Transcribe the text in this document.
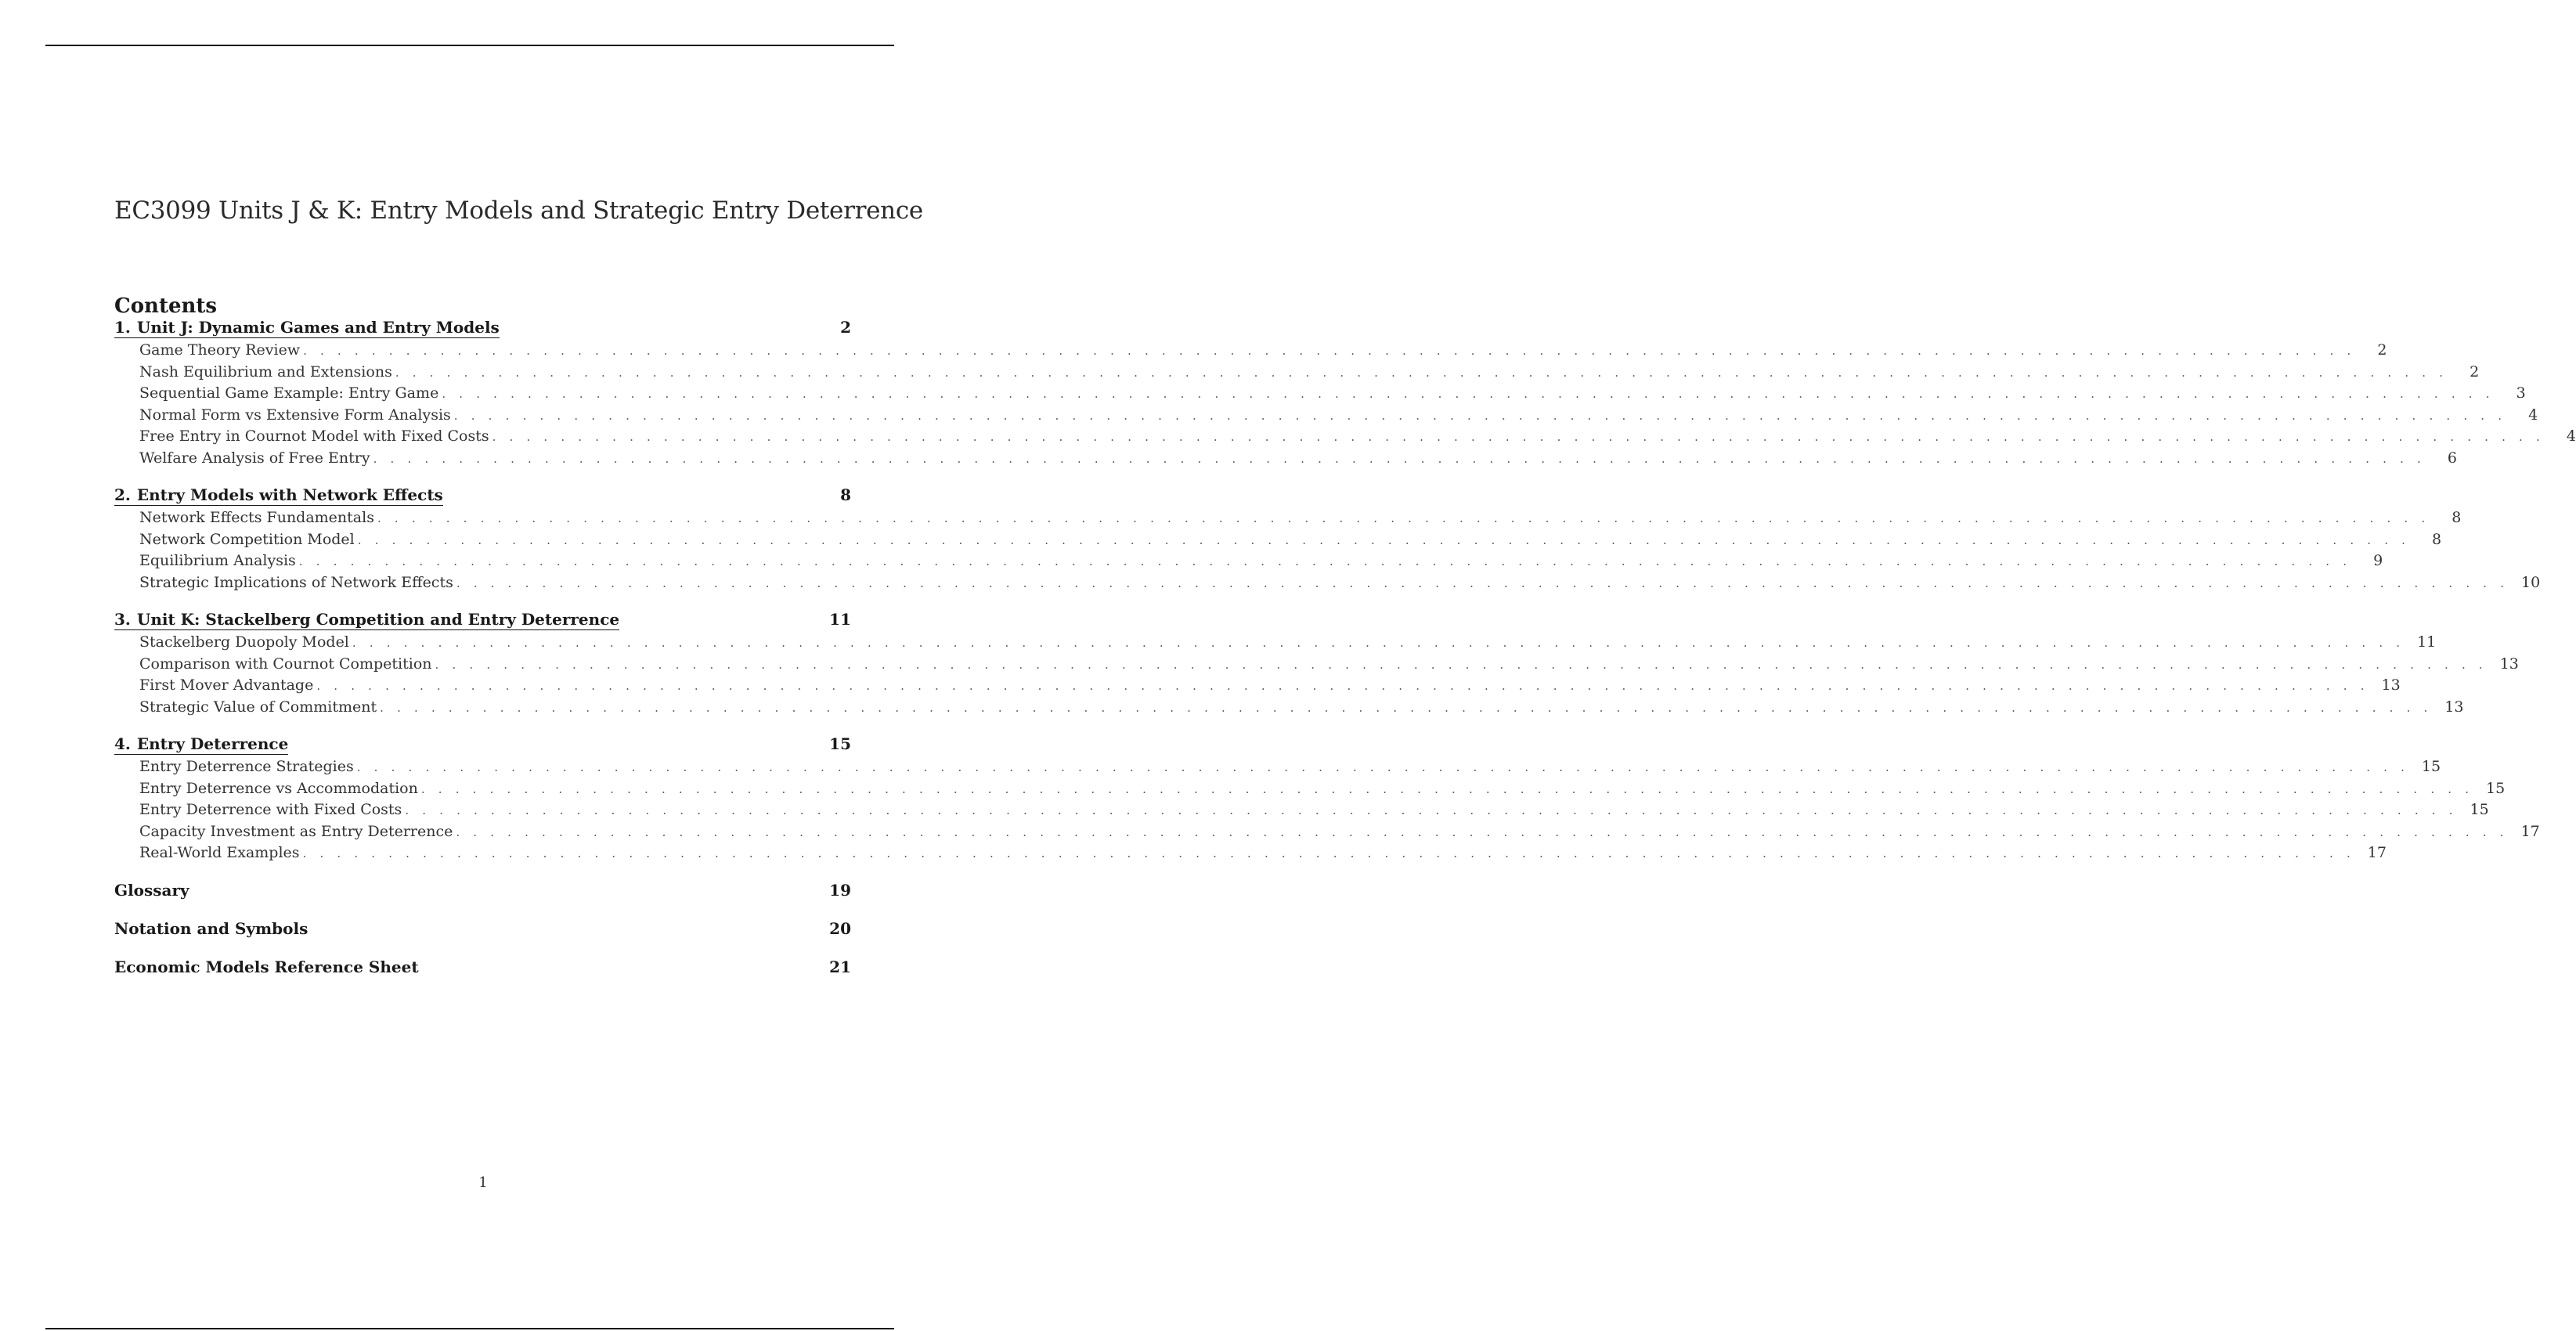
EC3099 Units J & K: Entry Models and Strategic Entry Deterrence
Contents
1. Unit J: Dynamic Games and Entry Models	2
Game Theory Review . . . . . . . . . . . . . . . . . . . . . . . . . . . . . . . . . . . . . . . . . . . . . . . . . . . . . . . . . . . . . . . . . . . . . . . . . . . . . . . . . . . . . . . . . . . . . . . . . . . . . . . . . . . . . . . . . . . . . . . .	2
Nash Equilibrium and Extensions . . . . . . . . . . . . . . . . . . . . . . . . . . . . . . . . . . . . . . . . . . . . . . . . . . . . . . . . . . . . . . . . . . . . . . . . . . . . . . . . . . . . . . . . . . . . . . . . . . . . . . . . . . . . . . . . . . . . . . . .	2
Sequential Game Example: Entry Game . . . . . . . . . . . . . . . . . . . . . . . . . . . . . . . . . . . . . . . . . . . . . . . . . . . . . . . . . . . . . . . . . . . . . . . . . . . . . . . . . . . . . . . . . . . . . . . . . . . . . . . . . . . . . . . . . . . . . . . .	3
Normal Form vs Extensive Form Analysis . . . . . . . . . . . . . . . . . . . . . . . . . . . . . . . . . . . . . . . . . . . . . . . . . . . . . . . . . . . . . . . . . . . . . . . . . . . . . . . . . . . . . . . . . . . . . . . . . . . . . . . . . . . . . . . . . . . . . . . .	4
Free Entry in Cournot Model with Fixed Costs . . . . . . . . . . . . . . . . . . . . . . . . . . . . . . . . . . . . . . . . . . . . . . . . . . . . . . . . . . . . . . . . . . . . . . . . . . . . . . . . . . . . . . . . . . . . . . . . . . . . . . . . . . . . . . . . . . . . . . . .	4
Welfare Analysis of Free Entry . . . . . . . . . . . . . . . . . . . . . . . . . . . . . . . . . . . . . . . . . . . . . . . . . . . . . . . . . . . . . . . . . . . . . . . . . . . . . . . . . . . . . . . . . . . . . . . . . . . . . . . . . . . . . . . . . . . . . . . .	6
2. Entry Models with Network Effects	8
Network Effects Fundamentals . . . . . . . . . . . . . . . . . . . . . . . . . . . . . . . . . . . . . . . . . . . . . . . . . . . . . . . . . . . . . . . . . . . . . . . . . . . . . . . . . . . . . . . . . . . . . . . . . . . . . . . . . . . . . . . . . . . . . . . .	8
Network Competition Model . . . . . . . . . . . . . . . . . . . . . . . . . . . . . . . . . . . . . . . . . . . . . . . . . . . . . . . . . . . . . . . . . . . . . . . . . . . . . . . . . . . . . . . . . . . . . . . . . . . . . . . . . . . . . . . . . . . . . . . .	8
Equilibrium Analysis . . . . . . . . . . . . . . . . . . . . . . . . . . . . . . . . . . . . . . . . . . . . . . . . . . . . . . . . . . . . . . . . . . . . . . . . . . . . . . . . . . . . . . . . . . . . . . . . . . . . . . . . . . . . . . . . . . . . . . . .	9
Strategic Implications of Network Effects . . . . . . . . . . . . . . . . . . . . . . . . . . . . . . . . . . . . . . . . . . . . . . . . . . . . . . . . . . . . . . . . . . . . . . . . . . . . . . . . . . . . . . . . . . . . . . . . . . . . . . . . . . . . . . . . . . . . . . . . 10
3. Unit K: Stackelberg Competition and Entry Deterrence	11
Stackelberg Duopoly Model . . . . . . . . . . . . . . . . . . . . . . . . . . . . . . . . . . . . . . . . . . . . . . . . . . . . . . . . . . . . . . . . . . . . . . . . . . . . . . . . . . . . . . . . . . . . . . . . . . . . . . . . . . . . . . . . . . . . . . . . 11
Comparison with Cournot Competition . . . . . . . . . . . . . . . . . . . . . . . . . . . . . . . . . . . . . . . . . . . . . . . . . . . . . . . . . . . . . . . . . . . . . . . . . . . . . . . . . . . . . . . . . . . . . . . . . . . . . . . . . . . . . . . . . . . . . . . . 13
First Mover Advantage . . . . . . . . . . . . . . . . . . . . . . . . . . . . . . . . . . . . . . . . . . . . . . . . . . . . . . . . . . . . . . . . . . . . . . . . . . . . . . . . . . . . . . . . . . . . . . . . . . . . . . . . . . . . . . . . . . . . . . . . 13
Strategic Value of Commitment . . . . . . . . . . . . . . . . . . . . . . . . . . . . . . . . . . . . . . . . . . . . . . . . . . . . . . . . . . . . . . . . . . . . . . . . . . . . . . . . . . . . . . . . . . . . . . . . . . . . . . . . . . . . . . . . . . . . . . . . 13
4. Entry Deterrence	15
Entry Deterrence Strategies . . . . . . . . . . . . . . . . . . . . . . . . . . . . . . . . . . . . . . . . . . . . . . . . . . . . . . . . . . . . . . . . . . . . . . . . . . . . . . . . . . . . . . . . . . . . . . . . . . . . . . . . . . . . . . . . . . . . . . . . 15
Entry Deterrence vs Accommodation . . . . . . . . . . . . . . . . . . . . . . . . . . . . . . . . . . . . . . . . . . . . . . . . . . . . . . . . . . . . . . . . . . . . . . . . . . . . . . . . . . . . . . . . . . . . . . . . . . . . . . . . . . . . . . . . . . . . . . . . 15
Entry Deterrence with Fixed Costs . . . . . . . . . . . . . . . . . . . . . . . . . . . . . . . . . . . . . . . . . . . . . . . . . . . . . . . . . . . . . . . . . . . . . . . . . . . . . . . . . . . . . . . . . . . . . . . . . . . . . . . . . . . . . . . . . . . . . . . . 15
Capacity Investment as Entry Deterrence . . . . . . . . . . . . . . . . . . . . . . . . . . . . . . . . . . . . . . . . . . . . . . . . . . . . . . . . . . . . . . . . . . . . . . . . . . . . . . . . . . . . . . . . . . . . . . . . . . . . . . . . . . . . . . . . . . . . . . . . 17
Real-World Examples . . . . . . . . . . . . . . . . . . . . . . . . . . . . . . . . . . . . . . . . . . . . . . . . . . . . . . . . . . . . . . . . . . . . . . . . . . . . . . . . . . . . . . . . . . . . . . . . . . . . . . . . . . . . . . . . . . . . . . . . 17
Glossary	19
Notation and Symbols	20
Economic Models Reference Sheet	21
1
